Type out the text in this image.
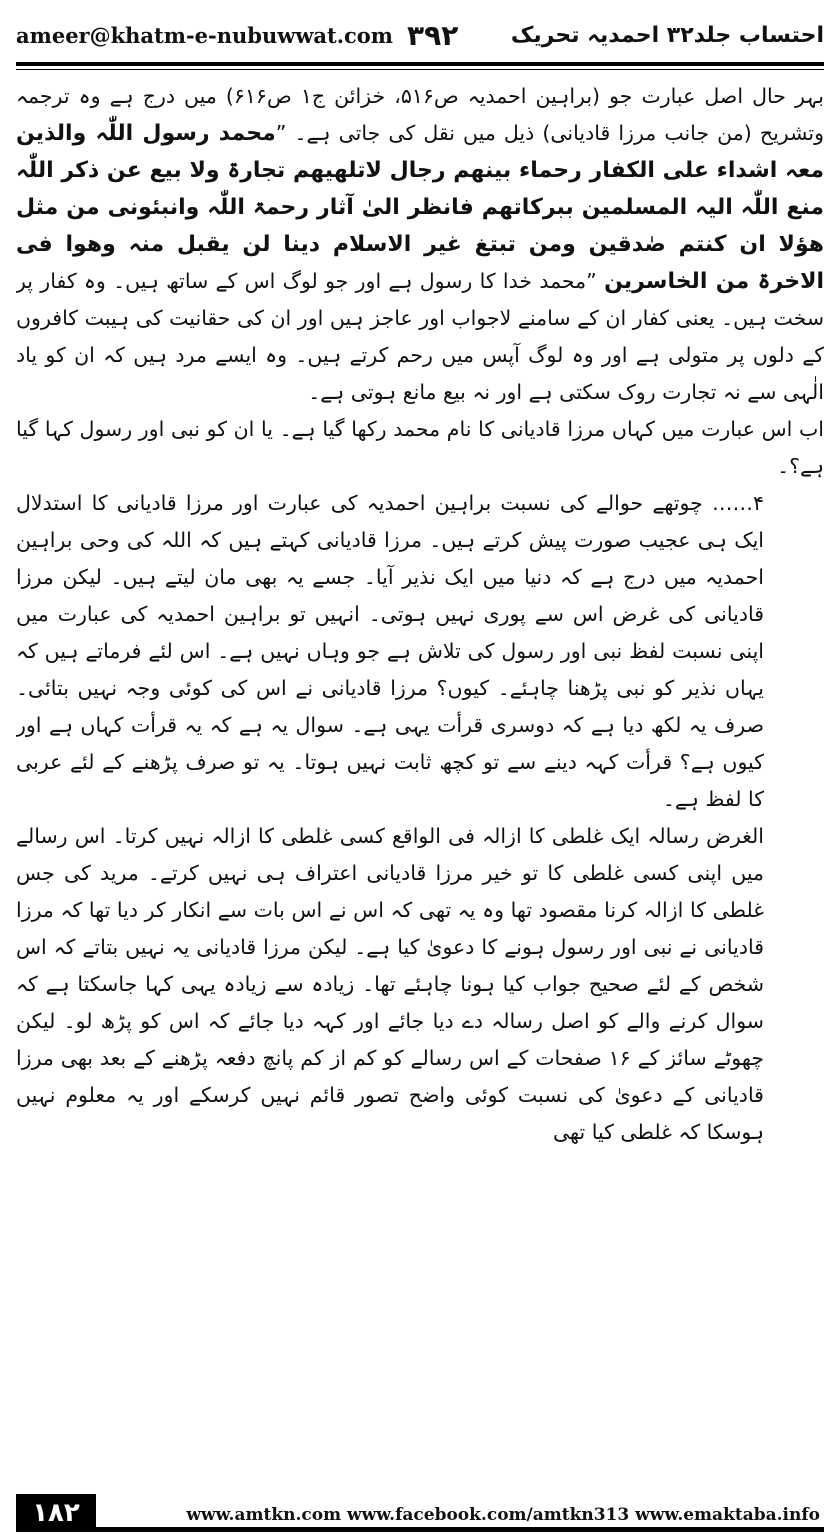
ameer@khatm-e-nubuwwat.com ۳۹۲ احتساب جلد۳۲ احمدیہ تحریک

بہر حال اصل عبارت جو (براہین احمدیہ ص۵۱۶، خزائن ج۱ ص۶۱۶) میں درج ہے وہ ترجمہ وتشریح (من جانب مرزا قادیانی) ذیل میں نقل کی جاتی ہے۔ ”محمد رسول اللّٰہ والذین معہ اشداء علی الکفار رحماء بینھم رجال لاتلھیھم تجارۃ ولا بیع عن ذکر اللّٰہ منع اللّٰہ الیہ المسلمین ببرکاتھم فانظر الیٰ آثار رحمۃ اللّٰہ وانبئونی من مثل ھؤلا ان کنتم صٰدقین ومن تبتغ غیر الاسلام دینا لن یقبل منہ وھوا فی الاخرۃ من الخاسرین ”محمد خدا کا رسول ہے اور جو لوگ اس کے ساتھ ہیں۔ وہ کفار پر سخت ہیں۔ یعنی کفار ان کے سامنے لاجواب اور عاجز ہیں اور ان کی حقانیت کی ہیبت کافروں کے دلوں پر متولی ہے اور وہ لوگ آپس میں رحم کرتے ہیں۔ وہ ایسے مرد ہیں کہ ان کو یاد الٰہی سے نہ تجارت روک سکتی ہے اور نہ بیع مانع ہوتی ہے۔

اب اس عبارت میں کہاں مرزا قادیانی کا نام محمد رکھا گیا ہے۔ یا ان کو نبی اور رسول کہا گیا ہے؟۔

۴…… چوتھے حوالے کی نسبت براہین احمدیہ کی عبارت اور مرزا قادیانی کا استدلال ایک ہی عجیب صورت پیش کرتے ہیں۔ مرزا قادیانی کہتے ہیں کہ اللہ کی وحی براہین احمدیہ میں درج ہے کہ دنیا میں ایک نذیر آیا۔ جسے یہ بھی مان لیتے ہیں۔ لیکن مرزا قادیانی کی غرض اس سے پوری نہیں ہوتی۔ انہیں تو براہین احمدیہ کی عبارت میں اپنی نسبت لفظ نبی اور رسول کی تلاش ہے جو وہاں نہیں ہے۔ اس لئے فرماتے ہیں کہ یہاں نذیر کو نبی پڑھنا چاہئے۔ کیوں؟ مرزا قادیانی نے اس کی کوئی وجہ نہیں بتائی۔ صرف یہ لکھ دیا ہے کہ دوسری قرأت یہی ہے۔ سوال یہ ہے کہ یہ قرأت کہاں ہے اور کیوں ہے؟ قرأت کہہ دینے سے تو کچھ ثابت نہیں ہوتا۔ یہ تو صرف پڑھنے کے لئے عربی کا لفظ ہے۔

الغرض رسالہ ایک غلطی کا ازالہ فی الواقع کسی غلطی کا ازالہ نہیں کرتا۔ اس رسالے میں اپنی کسی غلطی کا تو خیر مرزا قادیانی اعتراف ہی نہیں کرتے۔ مرید کی جس غلطی کا ازالہ کرنا مقصود تھا وہ یہ تھی کہ اس نے اس بات سے انکار کر دیا تھا کہ مرزا قادیانی نے نبی اور رسول ہونے کا دعویٰ کیا ہے۔ لیکن مرزا قادیانی یہ نہیں بتاتے کہ اس شخص کے لئے صحیح جواب کیا ہونا چاہئے تھا۔ زیادہ سے زیادہ یہی کہا جاسکتا ہے کہ سوال کرنے والے کو اصل رسالہ دے دیا جائے اور کہہ دیا جائے کہ اس کو پڑھ لو۔ لیکن چھوٹے سائز کے ۱۶ صفحات کے اس رسالے کو کم از کم پانچ دفعہ پڑھنے کے بعد بھی مرزا قادیانی کے دعویٰ کی نسبت کوئی واضح تصور قائم نہیں کرسکے اور یہ معلوم نہیں ہوسکا کہ غلطی کیا تھی

۱۸۲	www.amtkn.com www.facebook.com/amtkn313 www.emaktaba.info
